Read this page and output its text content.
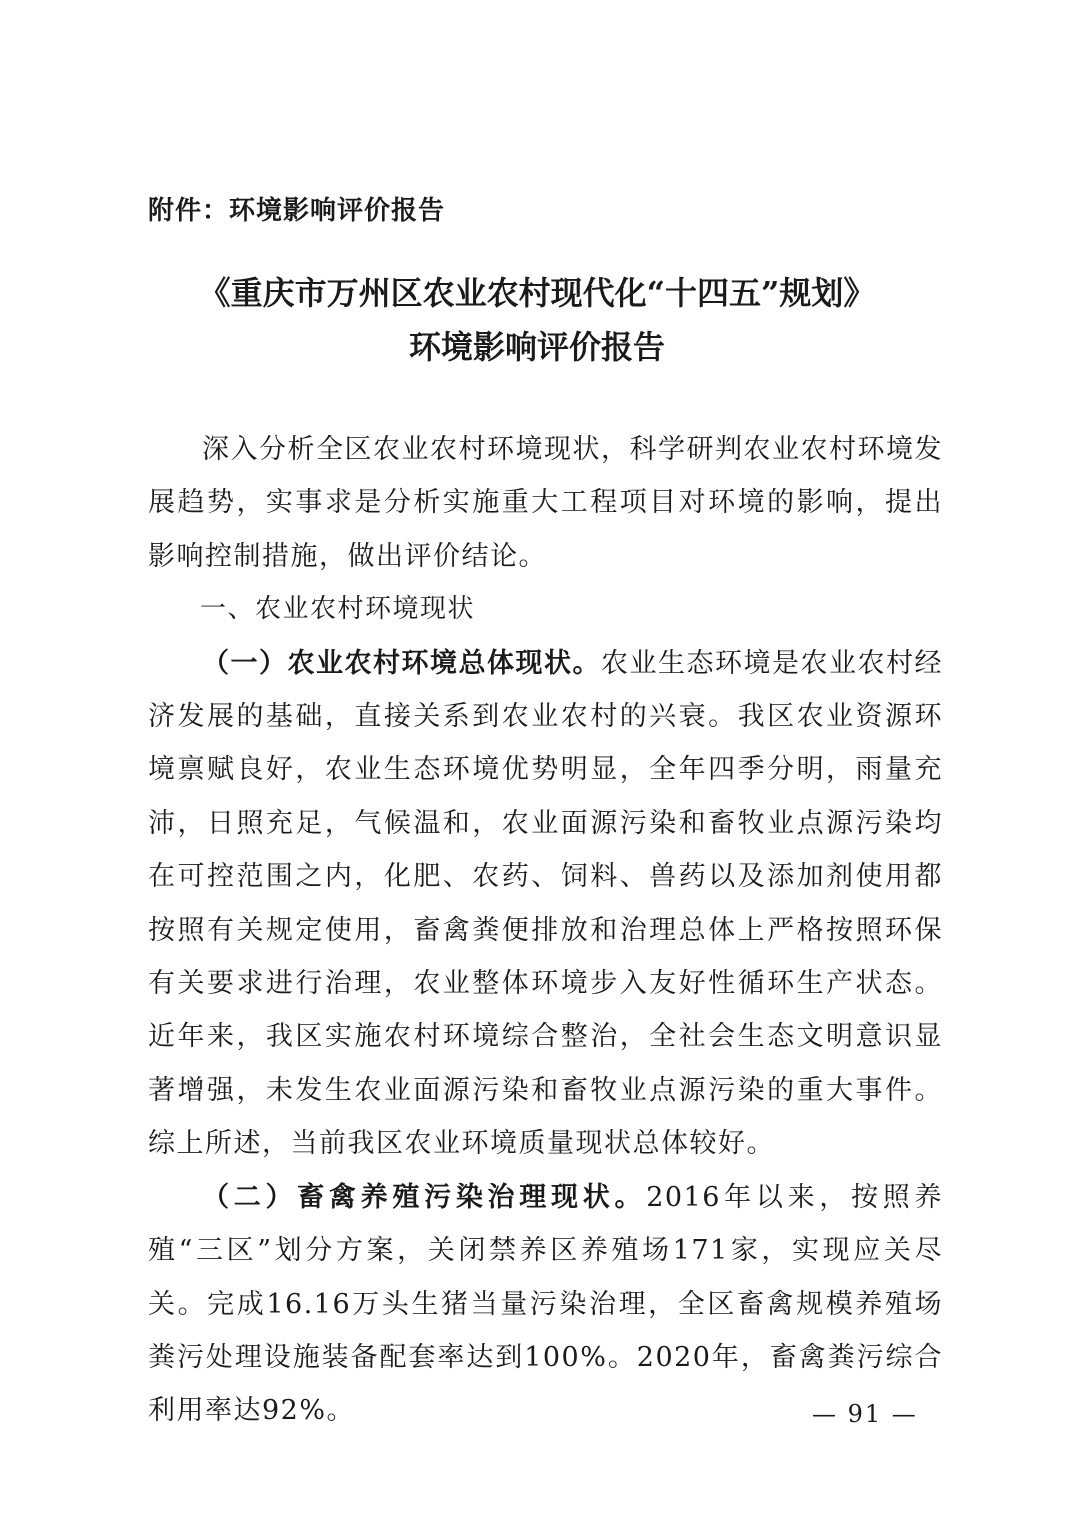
附件：环境影响评价报告
《重庆市万州区农业农村现代化“十四五”规划》
环境影响评价报告

深入分析全区农业农村环境现状，科学研判农业农村环境发展趋势，实事求是分析实施重大工程项目对环境的影响，提出影响控制措施，做出评价结论。

一、农业农村环境现状

（一）农业农村环境总体现状。农业生态环境是农业农村经济发展的基础，直接关系到农业农村的兴衰。我区农业资源环境禀赋良好，农业生态环境优势明显，全年四季分明，雨量充沛，日照充足，气候温和，农业面源污染和畜牧业点源污染均在可控范围之内，化肥、农药、饲料、兽药以及添加剂使用都按照有关规定使用，畜禽粪便排放和治理总体上严格按照环保有关要求进行治理，农业整体环境步入友好性循环生产状态。近年来，我区实施农村环境综合整治，全社会生态文明意识显著增强，未发生农业面源污染和畜牧业点源污染的重大事件。综上所述，当前我区农业环境质量现状总体较好。

（二）畜禽养殖污染治理现状。2016年以来，按照养殖“三区”划分方案，关闭禁养区养殖场171家，实现应关尽关。完成16.16万头生猪当量污染治理，全区畜禽规模养殖场粪污处理设施装备配套率达到100%。2020年，畜禽粪污综合利用率达92%。	— 91 —
